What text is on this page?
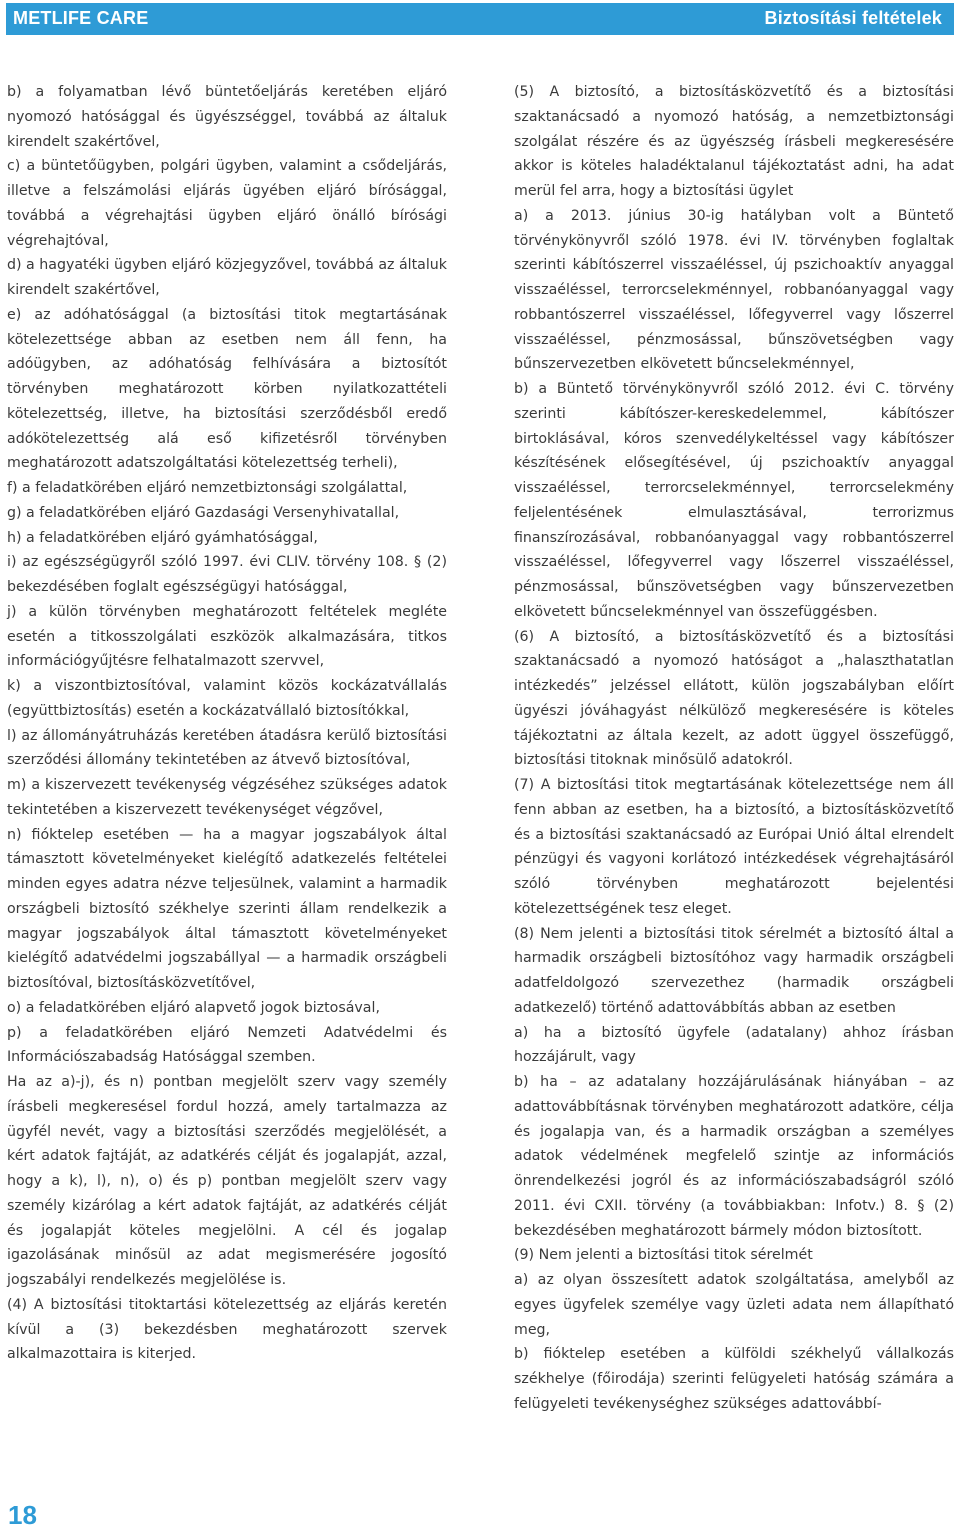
METLIFE CARE	Biztosítási feltételek

b) a folyamatban lévő büntetőeljárás keretében eljáró nyomozó hatósággal és ügyészséggel, továbbá az általuk kirendelt szakértővel,

c) a büntetőügyben, polgári ügyben, valamint a csődeljárás, illetve a felszámolási eljárás ügyében eljáró bírósággal, továbbá a végrehajtási ügyben eljáró önálló bírósági végrehajtóval,

d) a hagyatéki ügyben eljáró közjegyzővel, továbbá az általuk kirendelt szakértővel,

e) az adóhatósággal (a biztosítási titok megtartásának kötelezettsége abban az esetben nem áll fenn, ha adóügyben, az adóhatóság felhívására a biztosítót törvényben meghatározott körben nyilatkozattételi kötelezettség, illetve, ha biztosítási szerződésből eredő adókötelezettség alá eső kifizetésről törvényben meghatározott adatszolgáltatási kötelezettség terheli),

f) a feladatkörében eljáró nemzetbiztonsági szolgálattal,

g) a feladatkörében eljáró Gazdasági Versenyhivatallal,

h) a feladatkörében eljáró gyámhatósággal,

i) az egészségügyről szóló 1997. évi CLIV. törvény 108. § (2) bekezdésében foglalt egészségügyi hatósággal,

j) a külön törvényben meghatározott feltételek megléte esetén a titkosszolgálati eszközök alkalmazására, titkos információgyűjtésre felhatalmazott szervvel,

k) a viszontbiztosítóval, valamint közös kockázatvállalás (együttbiztosítás) esetén a kockázatvállaló biztosítókkal,

l) az állományátruházás keretében átadásra kerülő biztosítási szerződési állomány tekintetében az átvevő biztosítóval,

m) a kiszervezett tevékenység végzéséhez szükséges adatok tekintetében a kiszervezett tevékenységet végzővel,

n) fióktelep esetében — ha a magyar jogszabályok által támasztott követelményeket kielégítő adatkezelés feltételei minden egyes adatra nézve teljesülnek, valamint a harmadik országbeli biztosító székhelye szerinti állam rendelkezik a magyar jogszabályok által támasztott követelményeket kielégítő adatvédelmi jogszabállyal — a harmadik országbeli biztosítóval, biztosításközvetítővel,

o) a feladatkörében eljáró alapvető jogok biztosával,

p) a feladatkörében eljáró Nemzeti Adatvédelmi és Információszabadság Hatósággal szemben.

Ha az a)-j), és n) pontban megjelölt szerv vagy személy írásbeli megkeresésel fordul hozzá, amely tartalmazza az ügyfél nevét, vagy a biztosítási szerződés megjelölését, a kért adatok fajtáját, az adatkérés célját és jogalapját, azzal, hogy a k), l), n), o) és p) pontban megjelölt szerv vagy személy kizárólag a kért adatok fajtáját, az adatkérés célját és jogalapját köteles megjelölni. A cél és jogalap igazolásának minősül az adat megismerésére jogosító jogszabályi rendelkezés megjelölése is.

(4) A biztosítási titoktartási kötelezettség az eljárás keretén kívül a (3) bekezdésben meghatározott szervek alkalmazottaira is kiterjed.

(5) A biztosító, a biztosításközvetítő és a biztosítási szaktanácsadó a nyomozó hatóság, a nemzetbiztonsági szolgálat részére és az ügyészség írásbeli megkeresésére akkor is köteles haladéktalanul tájékoztatást adni, ha adat merül fel arra, hogy a biztosítási ügylet

a) a 2013. június 30-ig hatályban volt a Büntető törvénykönyvről szóló 1978. évi IV. törvényben foglaltak szerinti kábítószerrel visszaéléssel, új pszichoaktív anyaggal visszaéléssel, terrorcselekménnyel, robbanóanyaggal vagy robbantószerrel visszaéléssel, lőfegyverrel vagy lőszerrel visszaéléssel, pénzmosással, bűnszövetségben vagy bűnszervezetben elkövetett bűncselekménnyel,

b) a Büntető törvénykönyvről szóló 2012. évi C. törvény szerinti kábítószer-kereskedelemmel, kábítószer birtoklásával, kóros szenvedélykeltéssel vagy kábítószer készítésének elősegítésével, új pszichoaktív anyaggal visszaéléssel, terrorcselekménnyel, terrorcselekmény feljelentésének elmulasztásával, terrorizmus finanszírozásával, robbanóanyaggal vagy robbantószerrel visszaéléssel, lőfegyverrel vagy lőszerrel visszaéléssel, pénzmosással, bűnszövetségben vagy bűnszervezetben elkövetett bűncselekménnyel van összefüggésben.

(6) A biztosító, a biztosításközvetítő és a biztosítási szaktanácsadó a nyomozó hatóságot a „halaszthatatlan intézkedés” jelzéssel ellátott, külön jogszabályban előírt ügyészi jóváhagyást nélkülöző megkeresésére is köteles tájékoztatni az általa kezelt, az adott üggyel összefüggő, biztosítási titoknak minősülő adatokról.

(7) A biztosítási titok megtartásának kötelezettsége nem áll fenn abban az esetben, ha a biztosító, a biztosításközvetítő és a biztosítási szaktanácsadó az Európai Unió által elrendelt pénzügyi és vagyoni korlátozó intézkedések végrehajtásáról szóló törvényben meghatározott bejelentési kötelezettségének tesz eleget.

(8) Nem jelenti a biztosítási titok sérelmét a biztosító által a harmadik országbeli biztosítóhoz vagy harmadik országbeli adatfeldolgozó szervezethez (harmadik országbeli adatkezelő) történő adattovábbítás abban az esetben

a) ha a biztosító ügyfele (adatalany) ahhoz írásban hozzájárult, vagy

b) ha – az adatalany hozzájárulásának hiányában – az adattovábbításnak törvényben meghatározott adatköre, célja és jogalapja van, és a harmadik országban a személyes adatok védelmének megfelelő szintje az információs önrendelkezési jogról és az információszabadságról szóló 2011. évi CXII. törvény (a továbbiakban: Infotv.) 8. § (2) bekezdésében meghatározott bármely módon biztosított.

(9) Nem jelenti a biztosítási titok sérelmét

a) az olyan összesített adatok szolgáltatása, amelyből az egyes ügyfelek személye vagy üzleti adata nem állapítható meg,

b) fióktelep esetében a külföldi székhelyű vállalkozás székhelye (főirodája) szerinti felügyeleti hatóság számára a felügyeleti tevékenységhez szükséges adattovábbí-

18
